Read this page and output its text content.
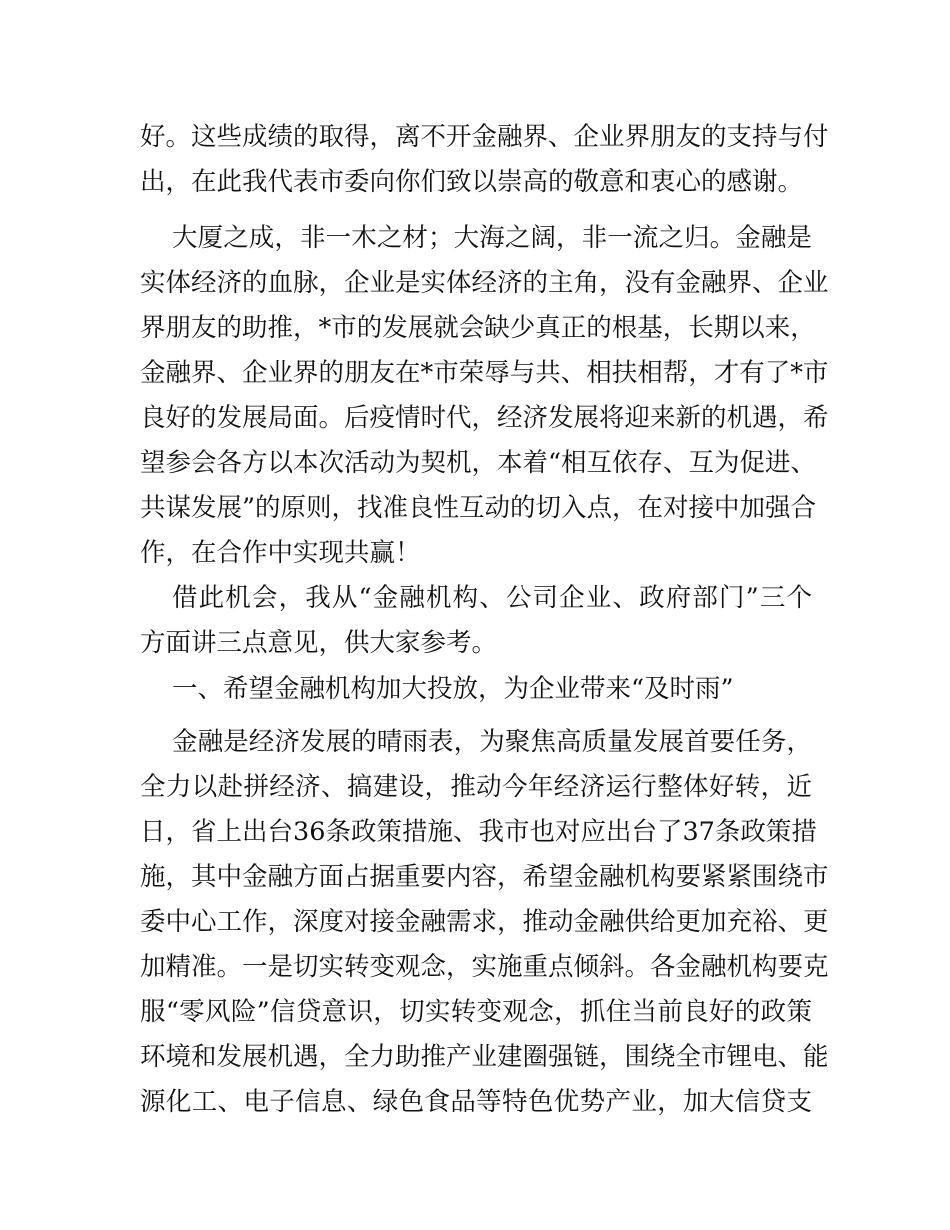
好。这些成绩的取得，离不开金融界、企业界朋友的支持与付
出，在此我代表市委向你们致以崇高的敬意和衷心的感谢。
大厦之成，非一木之材；大海之阔，非一流之归。金融是
实体经济的血脉，企业是实体经济的主角，没有金融界、企业
界朋友的助推，*市的发展就会缺少真正的根基，长期以来，
金融界、企业界的朋友在*市荣辱与共、相扶相帮，才有了*市
良好的发展局面。后疫情时代，经济发展将迎来新的机遇，希
望参会各方以本次活动为契机，本着“相互依存、互为促进、
共谋发展”的原则，找准良性互动的切入点，在对接中加强合
作，在合作中实现共赢！
借此机会，我从“金融机构、公司企业、政府部门”三个
方面讲三点意见，供大家参考。
一、希望金融机构加大投放，为企业带来“及时雨”
金融是经济发展的晴雨表，为聚焦高质量发展首要任务，
全力以赴拼经济、搞建设，推动今年经济运行整体好转，近
日，省上出台36条政策措施、我市也对应出台了37条政策措
施，其中金融方面占据重要内容，希望金融机构要紧紧围绕市
委中心工作，深度对接金融需求，推动金融供给更加充裕、更
加精准。一是切实转变观念，实施重点倾斜。各金融机构要克
服“零风险”信贷意识，切实转变观念，抓住当前良好的政策
环境和发展机遇，全力助推产业建圈强链，围绕全市锂电、能
源化工、电子信息、绿色食品等特色优势产业，加大信贷支
